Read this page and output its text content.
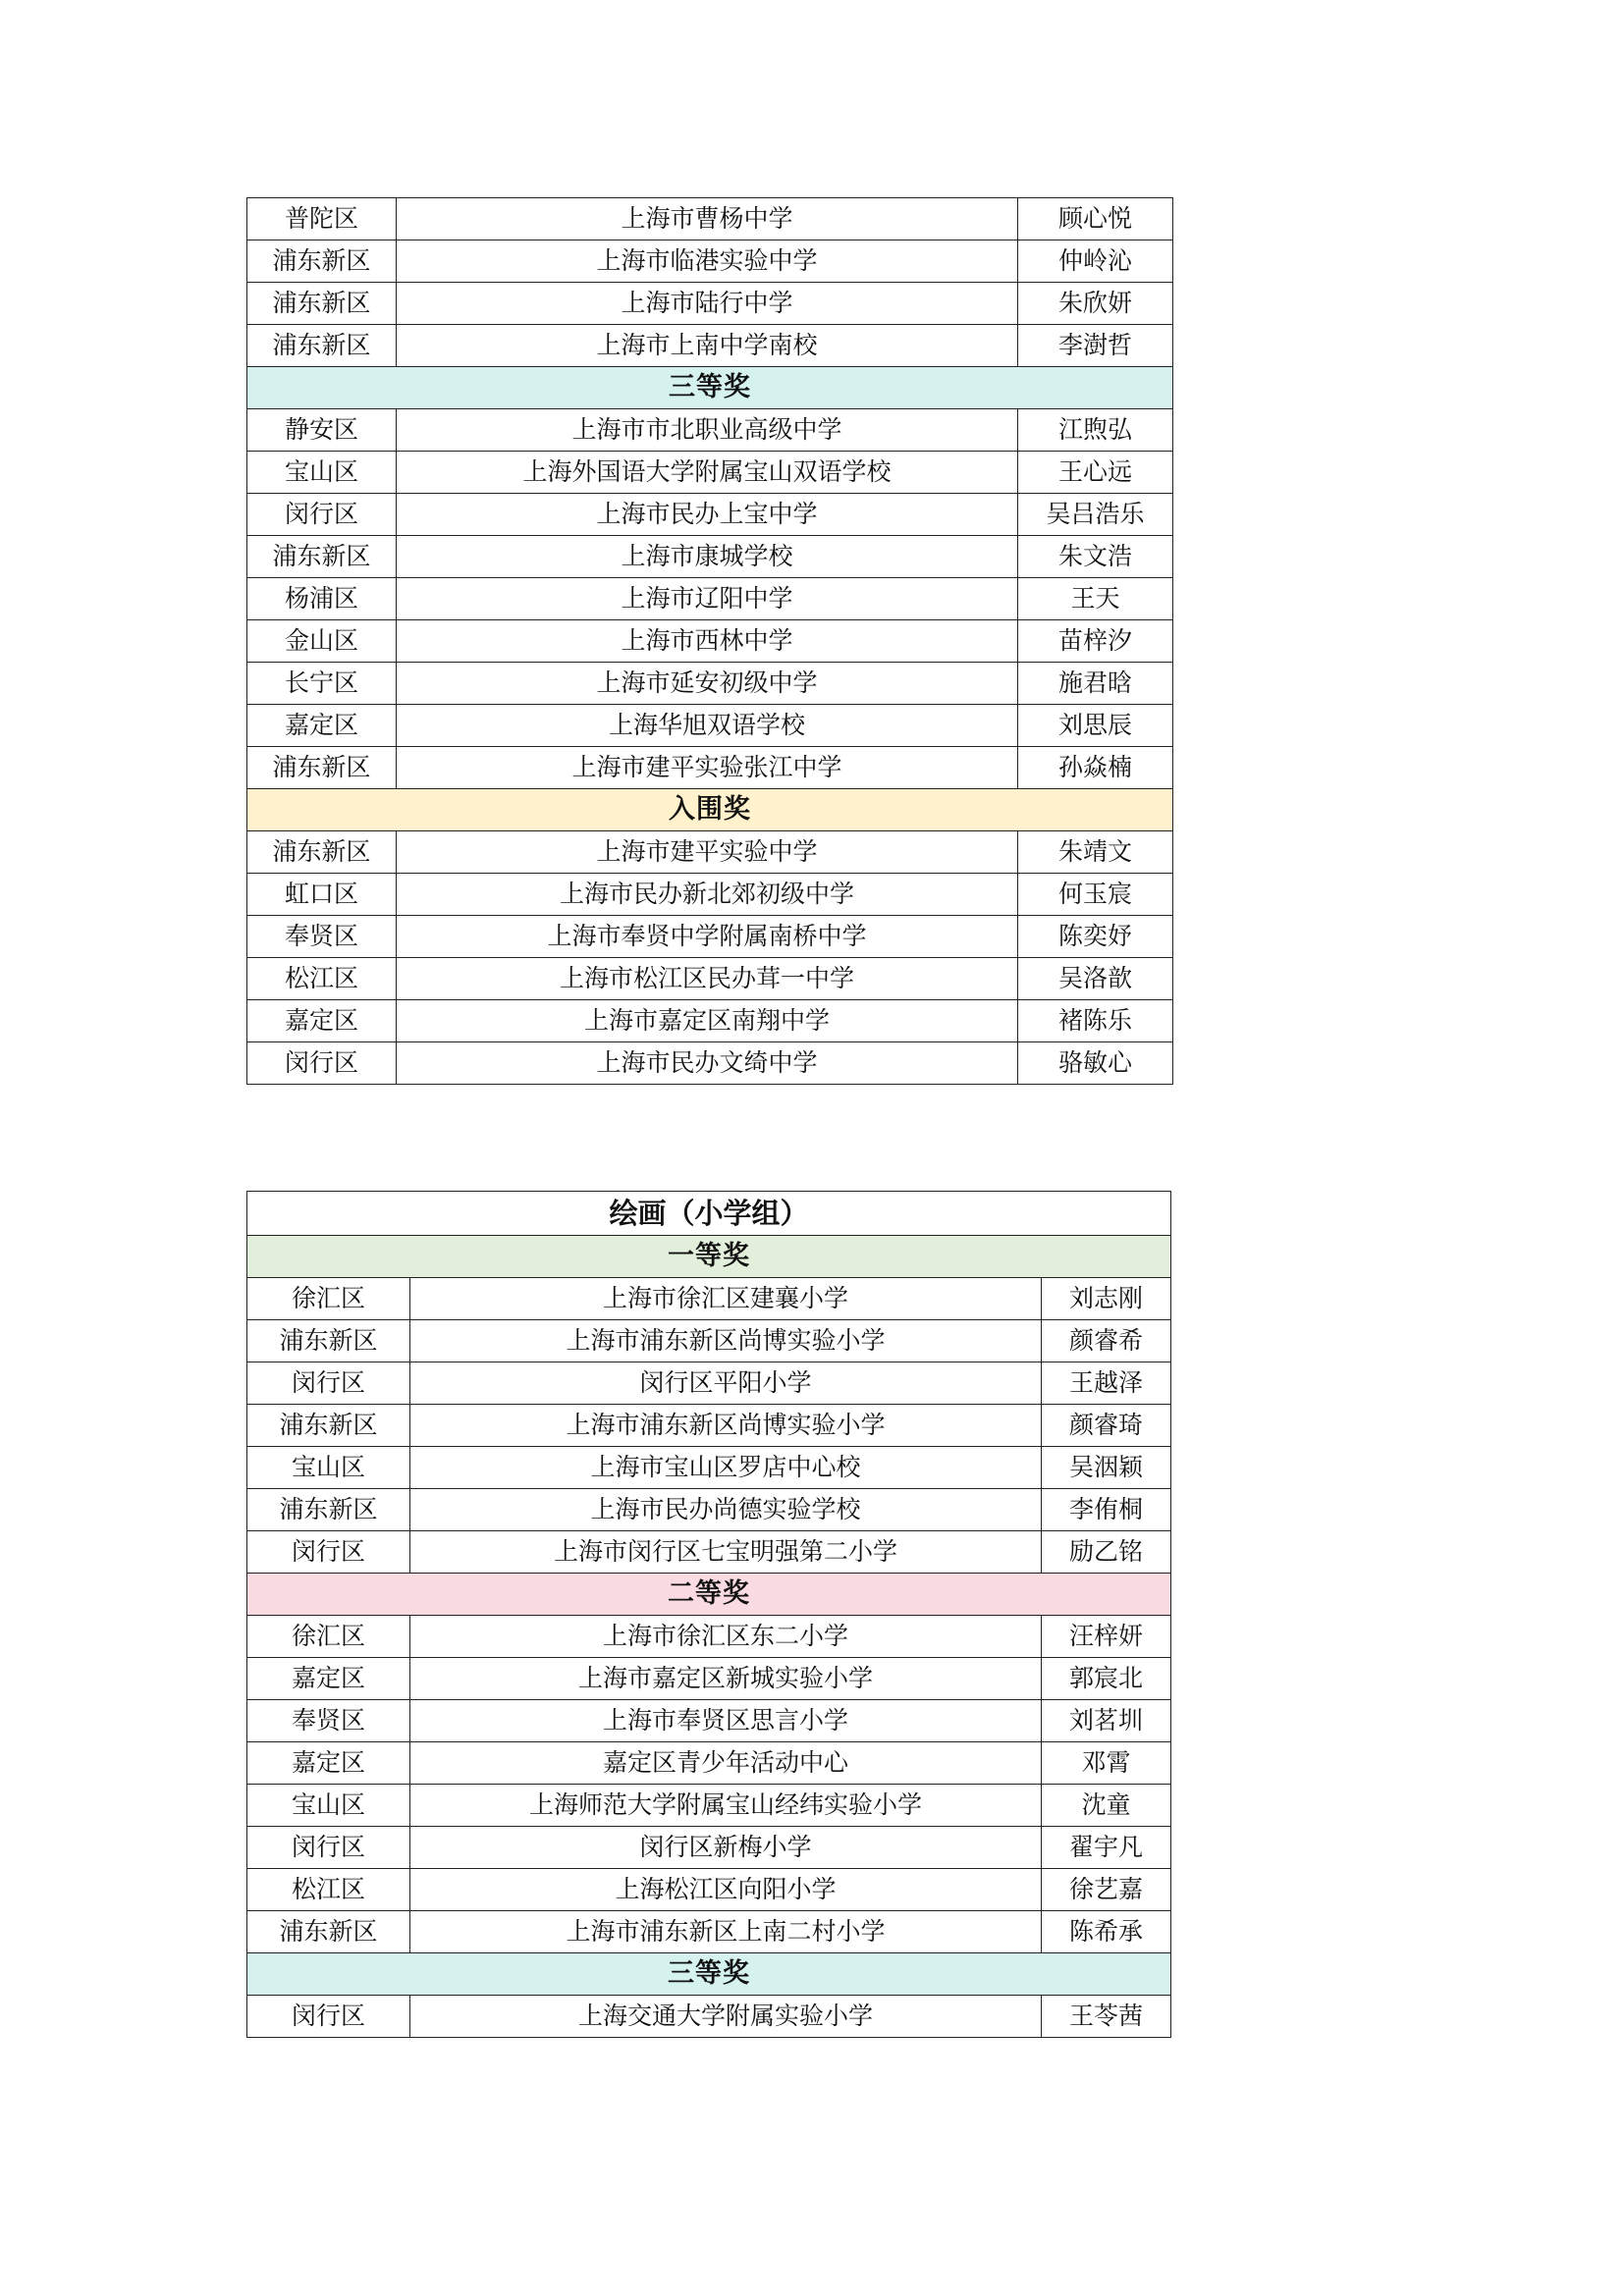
普陀区	上海市曹杨中学	顾心悦
浦东新区	上海市临港实验中学	仲岭沁
浦东新区	上海市陆行中学	朱欣妍
浦东新区	上海市上南中学南校	李澍哲
三等奖		
静安区	上海市市北职业高级中学	江煦弘
宝山区	上海外国语大学附属宝山双语学校	王心远
闵行区	上海市民办上宝中学	吴吕浩乐
浦东新区	上海市康城学校	朱文浩
杨浦区	上海市辽阳中学	王天
金山区	上海市西林中学	苗梓汐
长宁区	上海市延安初级中学	施君晗
嘉定区	上海华旭双语学校	刘思辰
浦东新区	上海市建平实验张江中学	孙焱楠
入围奖		
浦东新区	上海市建平实验中学	朱靖文
虹口区	上海市民办新北郊初级中学	何玉宸
奉贤区	上海市奉贤中学附属南桥中学	陈奕妤
松江区	上海市松江区民办茸一中学	吴洛歆
嘉定区	上海市嘉定区南翔中学	褚陈乐
闵行区	上海市民办文绮中学	骆敏心
绘画（小学组）		
一等奖		
徐汇区	上海市徐汇区建襄小学	刘志刚
浦东新区	上海市浦东新区尚博实验小学	颜睿希
闵行区	闵行区平阳小学	王越泽
浦东新区	上海市浦东新区尚博实验小学	颜睿琦
宝山区	上海市宝山区罗店中心校	吴洇颖
浦东新区	上海市民办尚德实验学校	李侑桐
闵行区	上海市闵行区七宝明强第二小学	励乙铭
二等奖		
徐汇区	上海市徐汇区东二小学	汪梓妍
嘉定区	上海市嘉定区新城实验小学	郭宸北
奉贤区	上海市奉贤区思言小学	刘茗圳
嘉定区	嘉定区青少年活动中心	邓霄
宝山区	上海师范大学附属宝山经纬实验小学	沈童
闵行区	闵行区新梅小学	翟宇凡
松江区	上海松江区向阳小学	徐艺嘉
浦东新区	上海市浦东新区上南二村小学	陈希承
三等奖		
闵行区	上海交通大学附属实验小学	王苓茜
